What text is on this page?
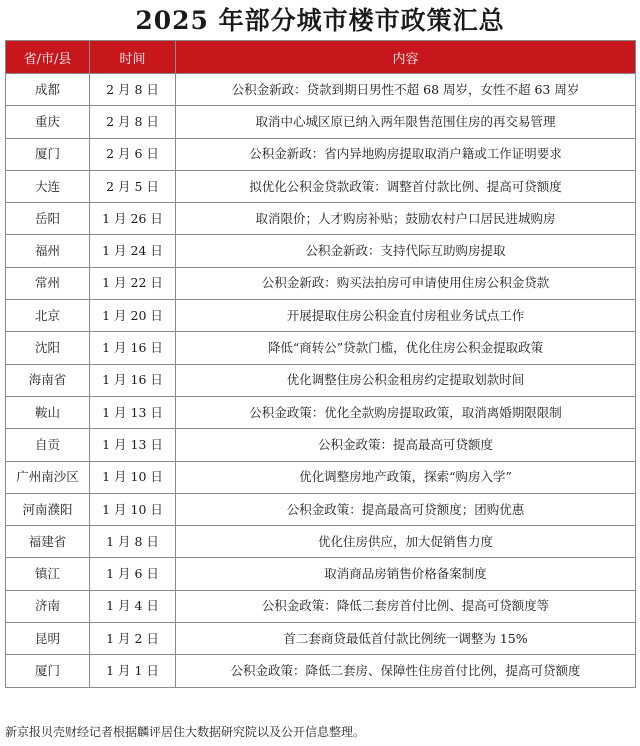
2025 年部分城市楼市政策汇总
省/市/县	时间	内容
成都	2 月 8 日	公积金新政：贷款到期日男性不超 68 周岁，女性不超 63 周岁
重庆	2 月 8 日	取消中心城区原已纳入两年限售范围住房的再交易管理
厦门	2 月 6 日	公积金新政：省内异地购房提取取消户籍或工作证明要求
大连	2 月 5 日	拟优化公积金贷款政策：调整首付款比例、提高可贷额度
岳阳	1 月 26 日	取消限价；人才购房补贴；鼓励农村户口居民进城购房
福州	1 月 24 日	公积金新政：支持代际互助购房提取
常州	1 月 22 日	公积金新政：购买法拍房可申请使用住房公积金贷款
北京	1 月 20 日	开展提取住房公积金直付房租业务试点工作
沈阳	1 月 16 日	降低“商转公”贷款门槛，优化住房公积金提取政策
海南省	1 月 16 日	优化调整住房公积金租房约定提取划款时间
鞍山	1 月 13 日	公积金政策：优化全款购房提取政策，取消离婚期限限制
自贡	1 月 13 日	公积金政策：提高最高可贷额度
广州南沙区	1 月 10 日	优化调整房地产政策，探索“购房入学”
河南濮阳	1 月 10 日	公积金政策：提高最高可贷额度；团购优惠
福建省	1 月 8 日	优化住房供应，加大促销售力度
镇江	1 月 6 日	取消商品房销售价格备案制度
济南	1 月 4 日	公积金政策：降低二套房首付比例、提高可贷额度等
昆明	1 月 2 日	首二套商贷最低首付款比例统一调整为 15%
厦门	1 月 1 日	公积金政策：降低二套房、保障性住房首付比例，提高可贷额度
新京报贝壳财经记者根据麟评居住大数据研究院以及公开信息整理。
